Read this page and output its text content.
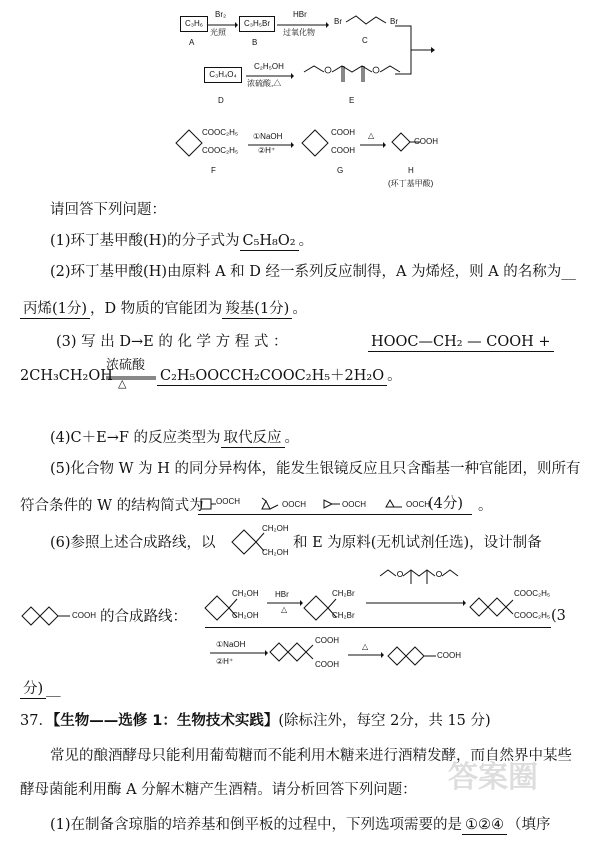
C₃H₆
A
Br₂
光照
C₃H₅Br
B
HBr
过氧化物
Br	Br
C
C₃H₄O₄
D
C₂H₅OH
浓硫酸,△
E
COOC₂H₅
COOC₂H₅
F
①NaOH
②H⁺
COOH
COOH
G
△
COOH
H
(环丁基甲酸)
请回答下列问题：
(1)环丁基甲酸(H)的分子式为 C₅H₈O₂ 。
(2)环丁基甲酸(H)由原料 A 和 D 经一系列反应制得，A 为烯烃，则 A 的名称为__
丙烯(1分) ，D 物质的官能团为 羧基(1分) 。
(3) 写 出 D→E 的 化 学 方 程 式 ：	HOOC—CH₂ — COOH +
2CH₃CH₂OH
浓硫酸
△ C₂H₅OOCCH₂COOC₂H₅＋2H₂O 。
(4)C＋E→F 的反应类型为 取代反应 。
(5)化合物 W 为 H 的同分异构体，能发生银镜反应且只含酯基一种官能团，则所有
符合条件的 W 的结构简式为 OOCH	OOCH	OOCH	OOCH
(4分) 。
(6)参照上述合成路线，以
CH₂OH
CH₂OH
和 E 为原料(无机试剂任选)，设计制备
COOH 的合成路线：
CH₂OH
CH₂OH
HBr
△
CH₂Br
CH₂Br
COOC₂H₅
COOC₂H₅ (3
①NaOH
②H⁺
COOH
COOH
△
COOH
分) __
37．【生物——选修 1：生物技术实践】(除标注外，每空 2分，共 15 分)
常见的酿酒酵母只能利用葡萄糖而不能利用木糖来进行酒精发酵，而自然界中某些
酵母菌能利用酶 A 分解木糖产生酒精。请分析回答下列问题：
(1)在制备含琼脂的培养基和倒平板的过程中，下列选项需要的是 ①②④ （填序
答案圈
